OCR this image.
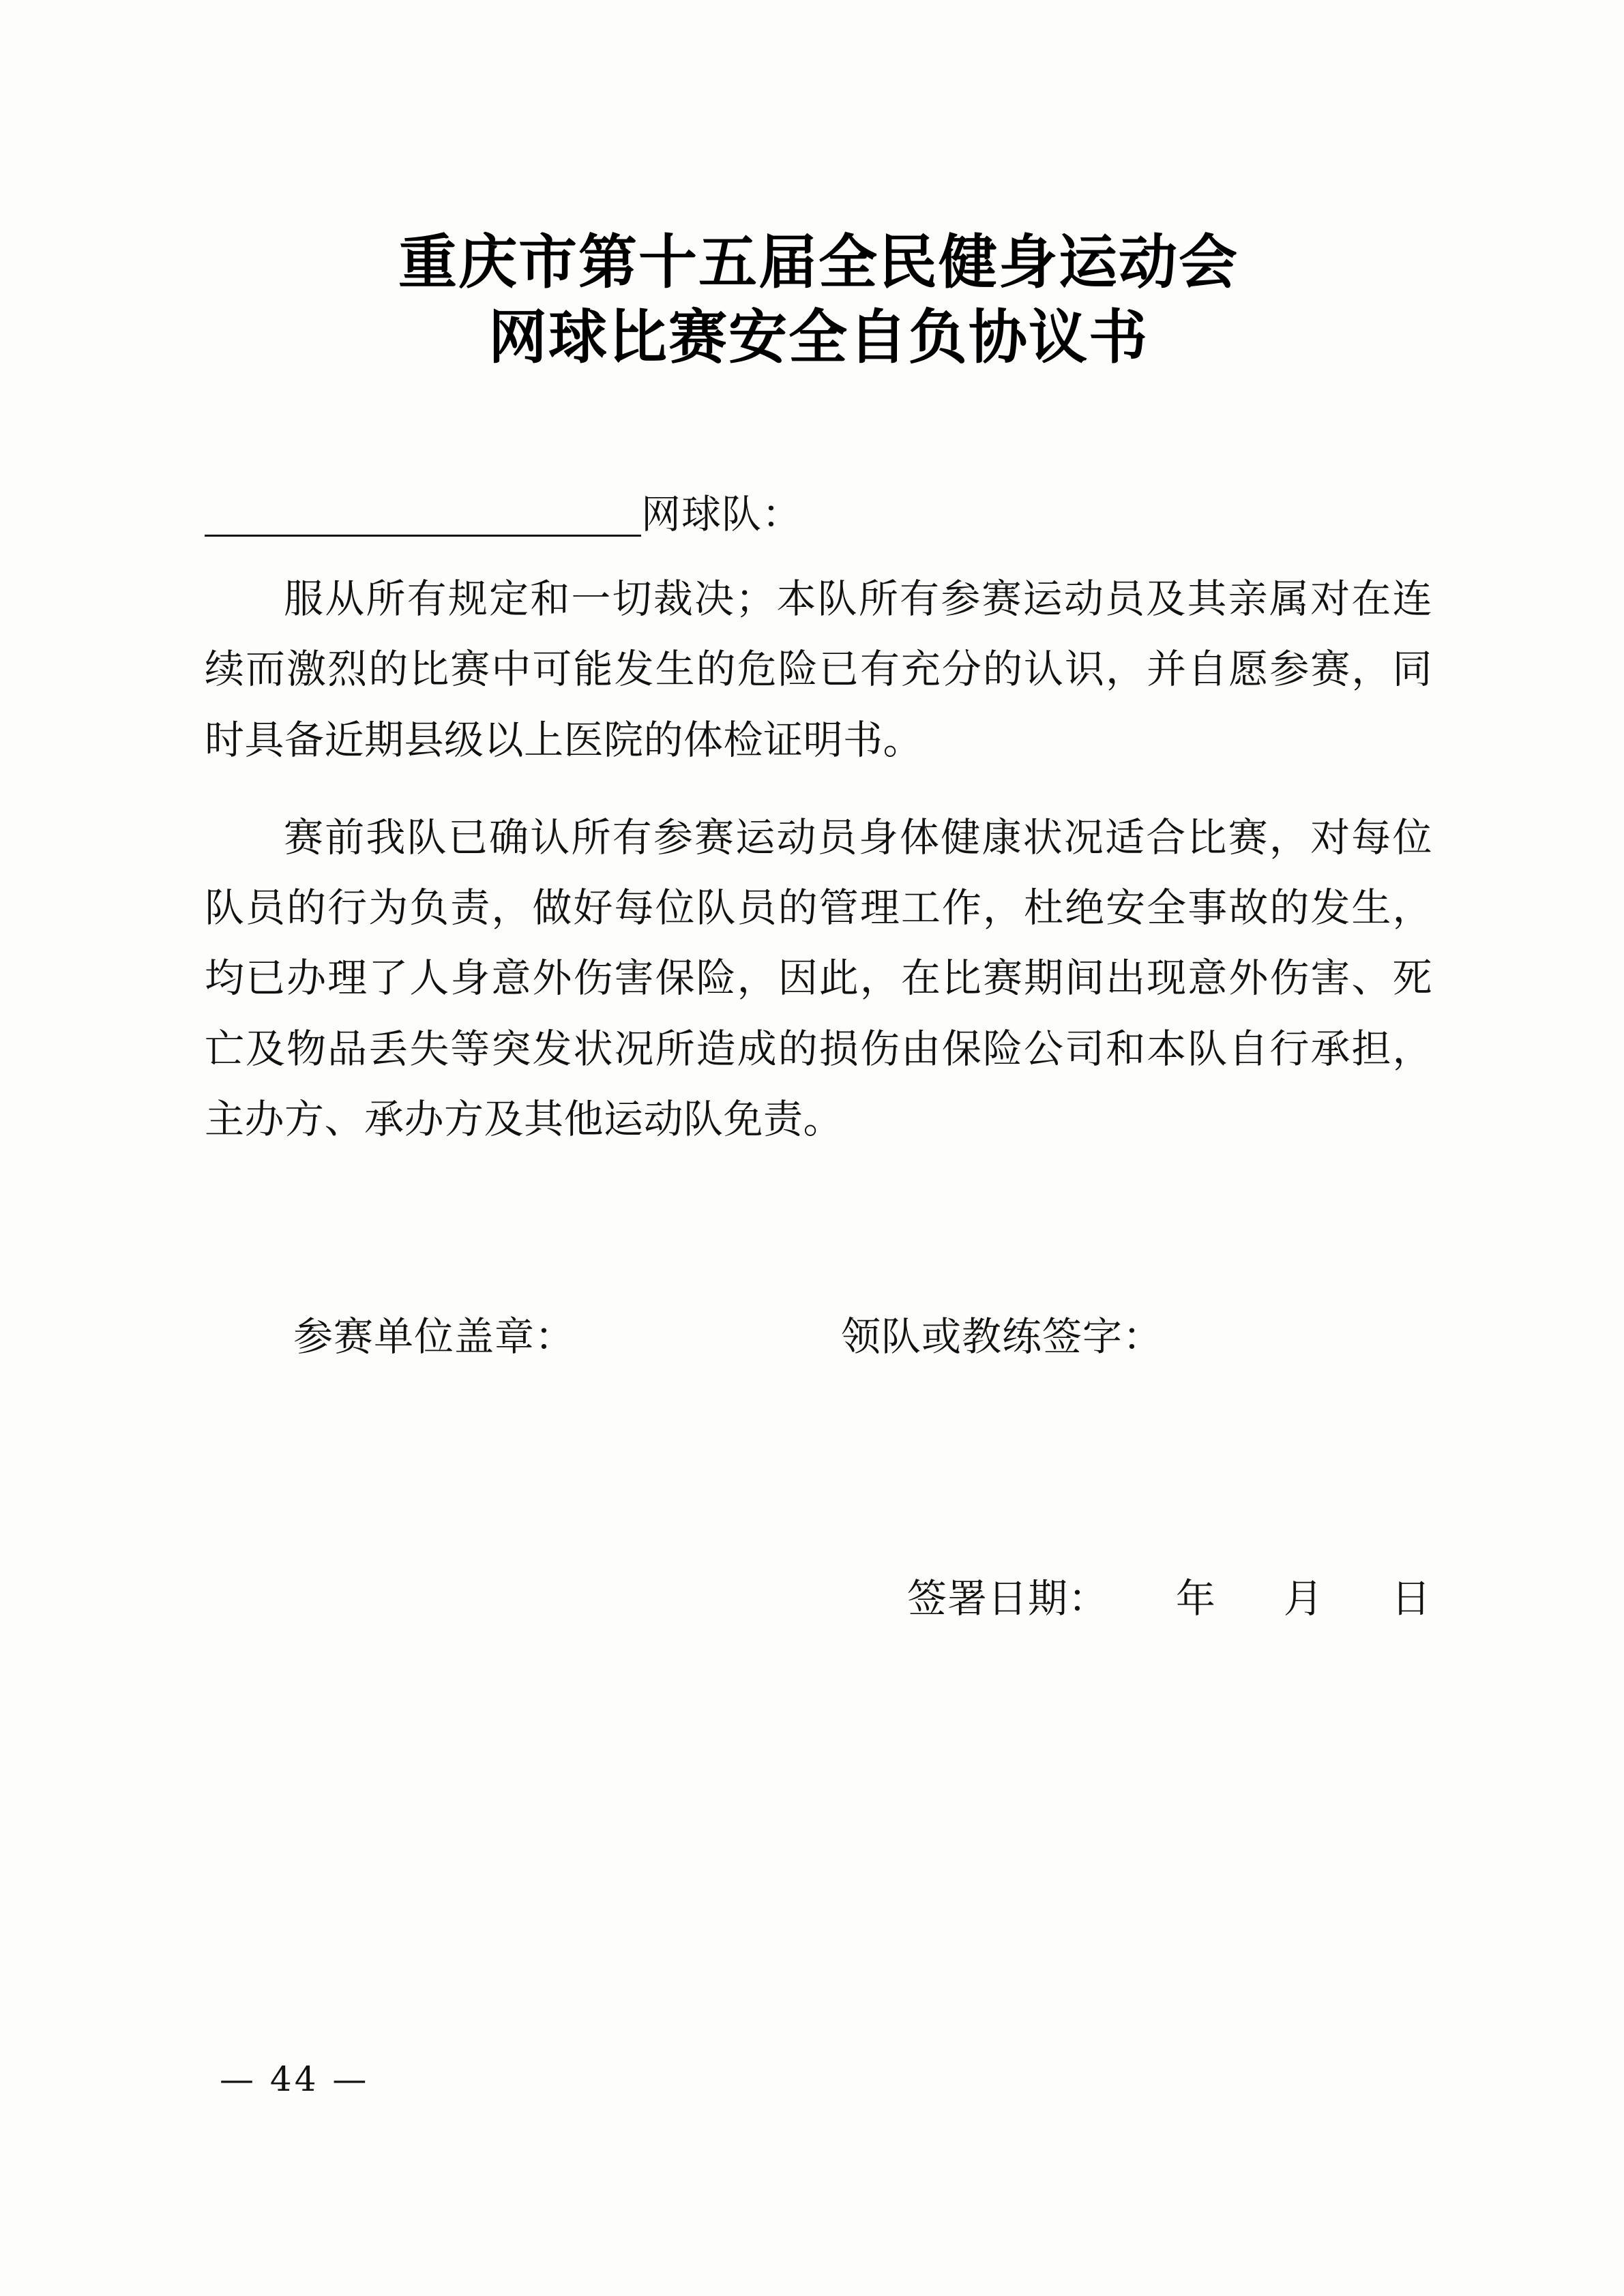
重庆市第十五届全民健身运动会
网球比赛安全自负协议书
网球队：
服从所有规定和一切裁决；本队所有参赛运动员及其亲属对在连续而激烈的比赛中可能发生的危险已有充分的认识，并自愿参赛，同时具备近期县级以上医院的体检证明书。
赛前我队已确认所有参赛运动员身体健康状况适合比赛，对每位队员的行为负责，做好每位队员的管理工作，杜绝安全事故的发生，均已办理了人身意外伤害保险，因此，在比赛期间出现意外伤害、死亡及物品丢失等突发状况所造成的损伤由保险公司和本队自行承担，主办方、承办方及其他运动队免责。
参赛单位盖章：	领队或教练签字：
签署日期： 年 月 日
— 44 —
